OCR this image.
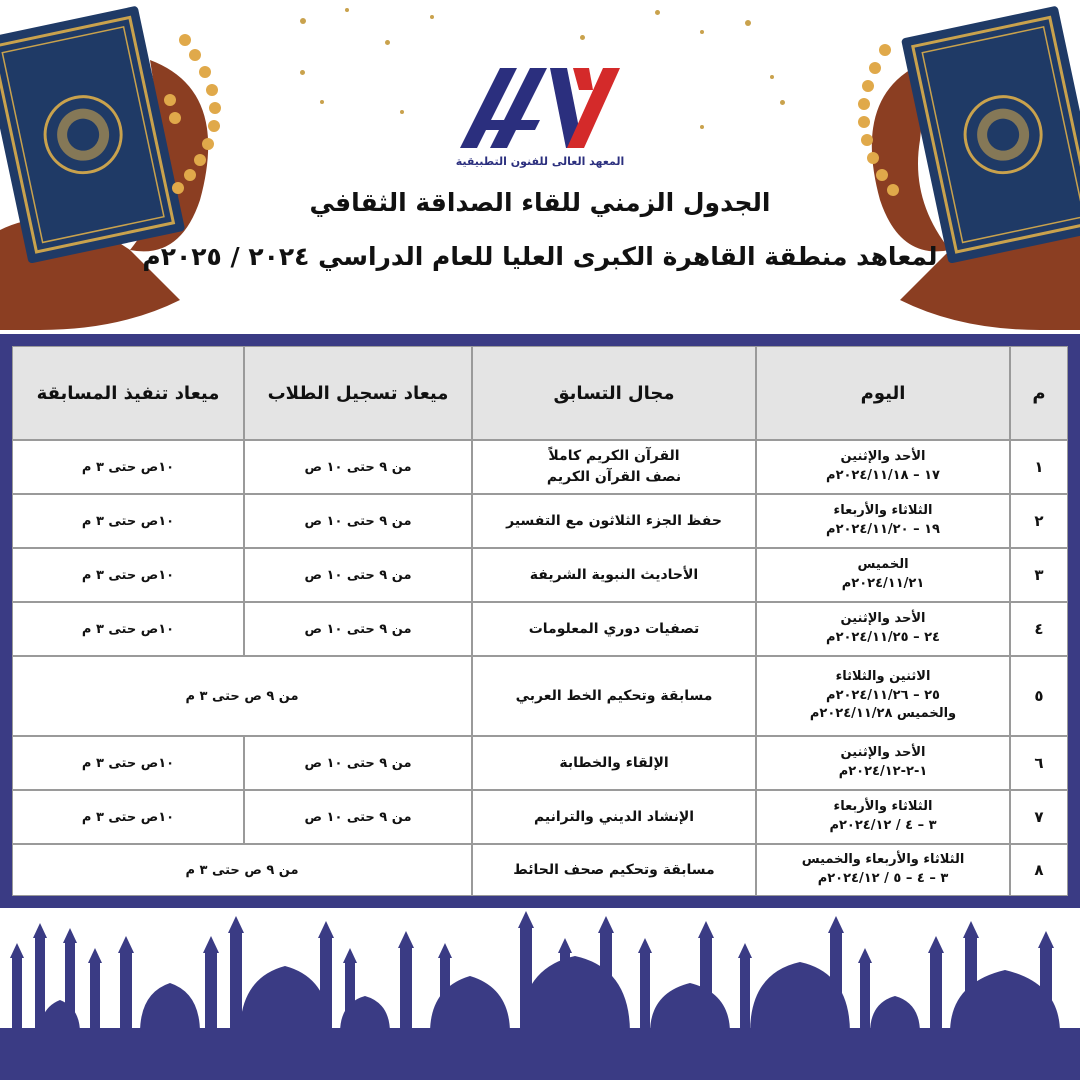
المعهد العالى للفنون التطبيقية
الجدول الزمني للقاء الصداقة الثقافي
لمعاهد منطقة القاهرة الكبرى العليا للعام الدراسي ٢٠٢٤ / ٢٠٢٥م
م
اليوم
مجال التسابق
ميعاد تسجيل الطلاب
ميعاد تنفيذ المسابقة
١
الأحد والإثنين
١٧ – ٢٠٢٤/١١/١٨م
القرآن الكريم كاملاً
نصف القرآن الكريم
من ٩ حتى ١٠ ص
١٠ص حتى ٣ م
٢
الثلاثاء والأربعاء
١٩ – ٢٠٢٤/١١/٢٠م
حفظ الجزء الثلاثون مع التفسير
من ٩ حتى ١٠ ص
١٠ص حتى ٣ م
٣
الخميس
٢٠٢٤/١١/٢١م
الأحاديث النبوية الشريفة
من ٩ حتى ١٠ ص
١٠ص حتى ٣ م
٤
الأحد والإثنين
٢٤ – ٢٠٢٤/١١/٢٥م
تصفيات دوري المعلومات
من ٩ حتى ١٠ ص
١٠ص حتى ٣ م
٥
الاثنين والثلاثاء
٢٥ – ٢٠٢٤/١١/٢٦م
والخميس ٢٠٢٤/١١/٢٨م
مسابقة وتحكيم الخط العربي
من ٩ ص حتى ٣ م
٦
الأحد والإثنين
١-٢-٢٠٢٤/١٢م
الإلقاء والخطابة
من ٩ حتى ١٠ ص
١٠ص حتى ٣ م
٧
الثلاثاء والأربعاء
٣ – ٤ / ٢٠٢٤/١٢م
الإنشاد الديني والترانيم
من ٩ حتى ١٠ ص
١٠ص حتى ٣ م
٨
الثلاثاء والأربعاء والخميس
٣ – ٤ – ٥ / ٢٠٢٤/١٢م
مسابقة وتحكيم صحف الحائط
من ٩ ص حتى ٣ م
